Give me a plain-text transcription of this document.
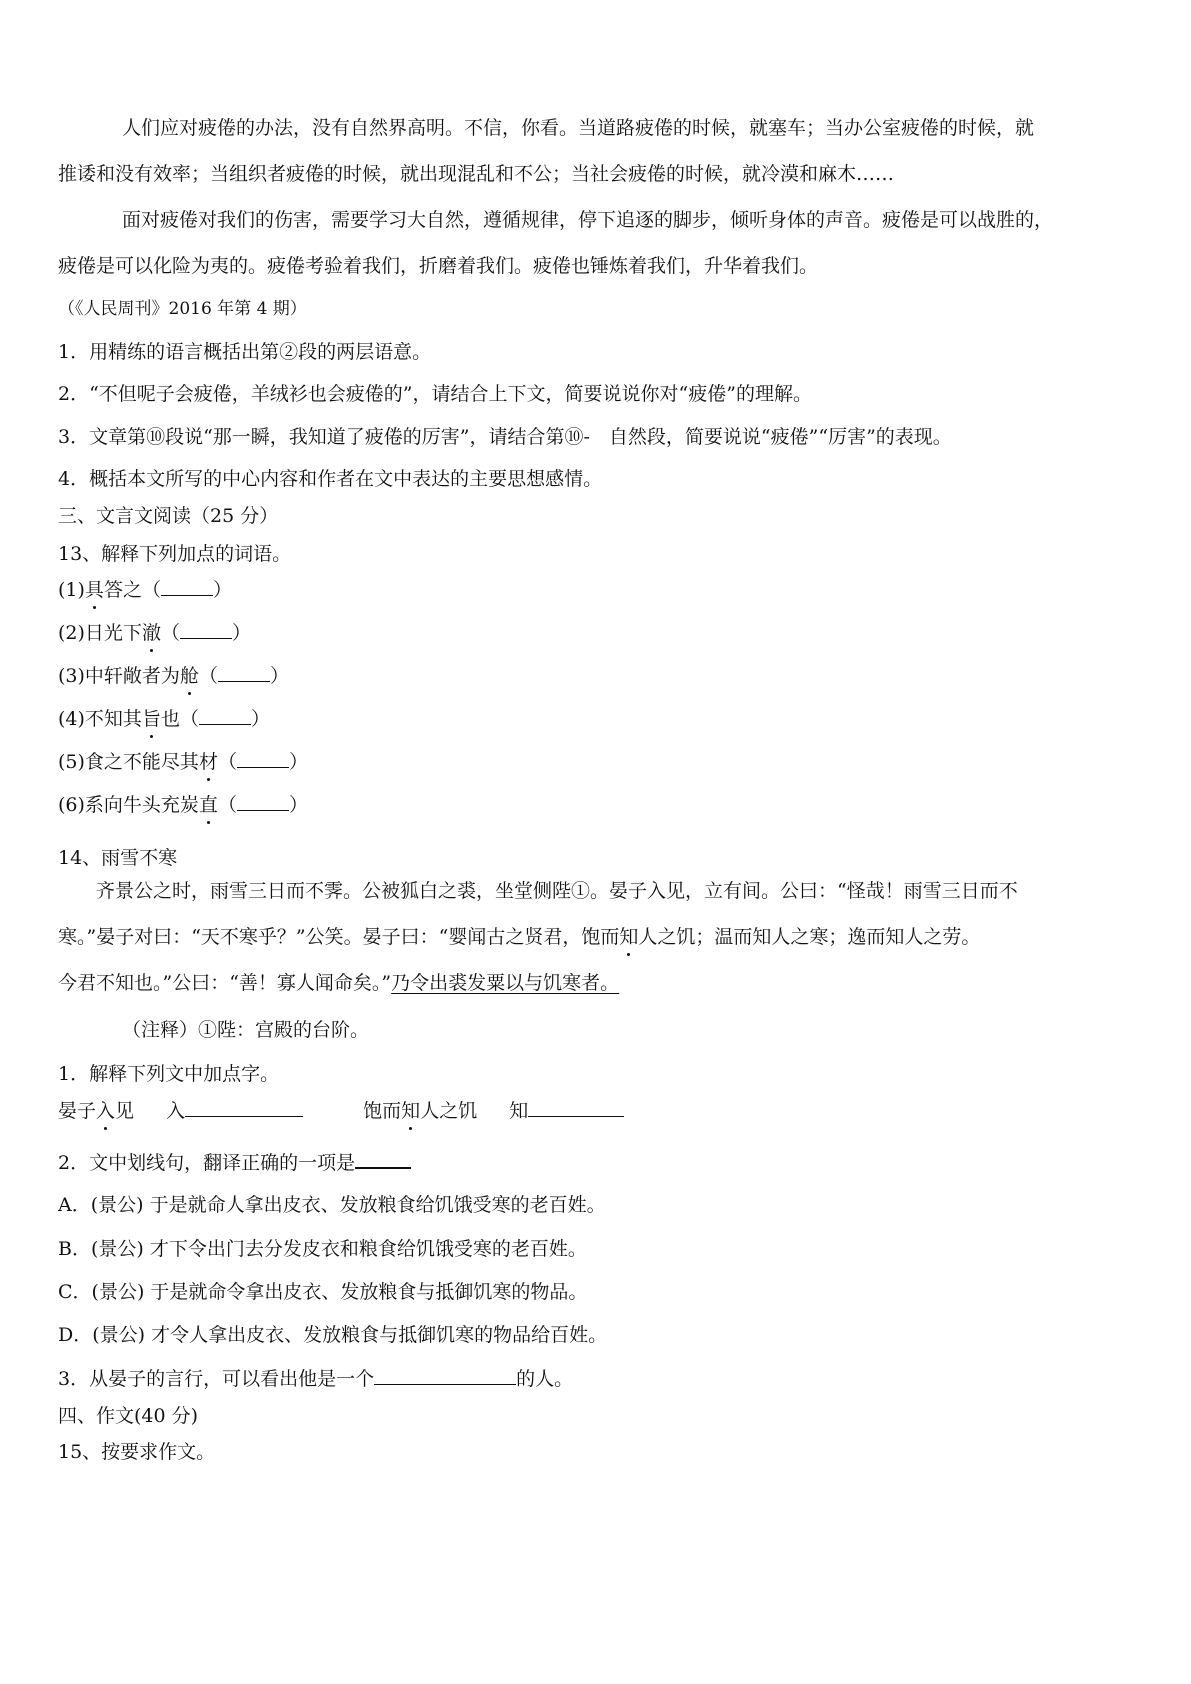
人们应对疲倦的办法，没有自然界高明。不信，你看。当道路疲倦的时候，就塞车；当办公室疲倦的时候，就
推诿和没有效率；当组织者疲倦的时候，就出现混乱和不公；当社会疲倦的时候，就冷漠和麻木……
面对疲倦对我们的伤害，需要学习大自然，遵循规律，停下追逐的脚步，倾听身体的声音。疲倦是可以战胜的，
疲倦是可以化险为夷的。疲倦考验着我们，折磨着我们。疲倦也锤炼着我们，升华着我们。
（《人民周刊》2016 年第 4 期）
1．用精练的语言概括出第②段的两层语意。
2．“不但呢子会疲倦，羊绒衫也会疲倦的”，请结合上下文，简要说说你对“疲倦”的理解。
3．文章第⑩段说“那一瞬，我知道了疲倦的厉害”，请结合第⑩-　自然段，简要说说“疲倦”“厉害”的表现。
4．概括本文所写的中心内容和作者在文中表达的主要思想感情。
三、文言文阅读（25 分）
13、解释下列加点的词语。
(1)具答之（	）
(2)日光下澈（	）
(3)中轩敞者为舱（	）
(4)不知其旨也（	）
(5)食之不能尽其材（	）
(6)系向牛头充炭直（	）
14、雨雪不寒
齐景公之时，雨雪三日而不霁。公被狐白之裘，坐堂侧陛①。晏子入见，立有间。公曰：“怪哉！雨雪三日而不
寒。”晏子对曰：“天不寒乎？”公笑。晏子曰：“婴闻古之贤君，饱而知人之饥；温而知人之寒；逸而知人之劳。
今君不知也。”公曰：“善！寡人闻命矣。”乃令出裘发粟以与饥寒者。
（注释）①陛：宫殿的台阶。
1．解释下列文中加点字。
晏子入见 入	饱而知人之饥 知
2．文中划线句，翻译正确的一项是
A．(景公) 于是就命人拿出皮衣、发放粮食给饥饿受寒的老百姓。
B．(景公) 才下令出门去分发皮衣和粮食给饥饿受寒的老百姓。
C．(景公) 于是就命令拿出皮衣、发放粮食与抵御饥寒的物品。
D．(景公) 才令人拿出皮衣、发放粮食与抵御饥寒的物品给百姓。
3．从晏子的言行，可以看出他是一个	的人。
四、作文(40 分)
15、按要求作文。
